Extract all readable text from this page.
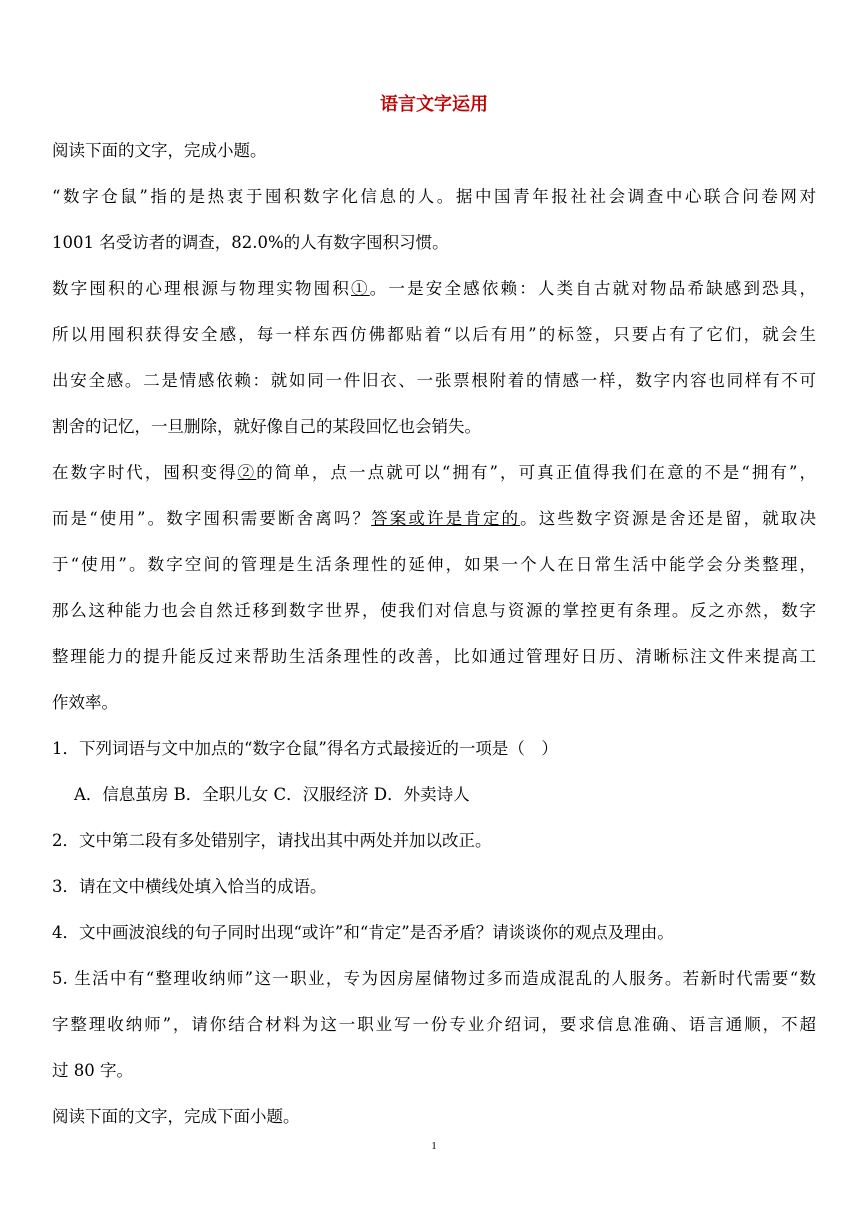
语言文字运用
阅读下面的文字，完成小题。
“数字仓鼠”指的是热衷于囤积数字化信息的人。据中国青年报社社会调查中心联合问卷网对
1001 名受访者的调查，82.0%的人有数字囤积习惯。
数字囤积的心理根源与物理实物囤积①。一是安全感依赖：人类自古就对物品希缺感到恐具，
所以用囤积获得安全感，每一样东西仿佛都贴着“以后有用”的标签，只要占有了它们，就会生
出安全感。二是情感依赖：就如同一件旧衣、一张票根附着的情感一样，数字内容也同样有不可
割舍的记忆，一旦删除，就好像自己的某段回忆也会销失。
在数字时代，囤积变得②的简单，点一点就可以“拥有”，可真正值得我们在意的不是“拥有”，
而是“使用”。数字囤积需要断舍离吗？答案或许是肯定的。这些数字资源是舍还是留，就取决
于“使用”。数字空间的管理是生活条理性的延伸，如果一个人在日常生活中能学会分类整理，
那么这种能力也会自然迁移到数字世界，使我们对信息与资源的掌控更有条理。反之亦然，数字
整理能力的提升能反过来帮助生活条理性的改善，比如通过管理好日历、清晰标注文件来提高工
作效率。
1．下列词语与文中加点的“数字仓鼠”得名方式最接近的一项是（　）
A．信息茧房 B．全职儿女 C．汉服经济 D．外卖诗人
2．文中第二段有多处错别字，请找出其中两处并加以改正。
3．请在文中横线处填入恰当的成语。
4．文中画波浪线的句子同时出现“或许”和“肯定”是否矛盾？请谈谈你的观点及理由。
5. 生活中有“整理收纳师”这一职业，专为因房屋储物过多而造成混乱的人服务。若新时代需要“数
字整理收纳师”，请你结合材料为这一职业写一份专业介绍词，要求信息准确、语言通顺，不超
过 80 字。
阅读下面的文字，完成下面小题。
1
